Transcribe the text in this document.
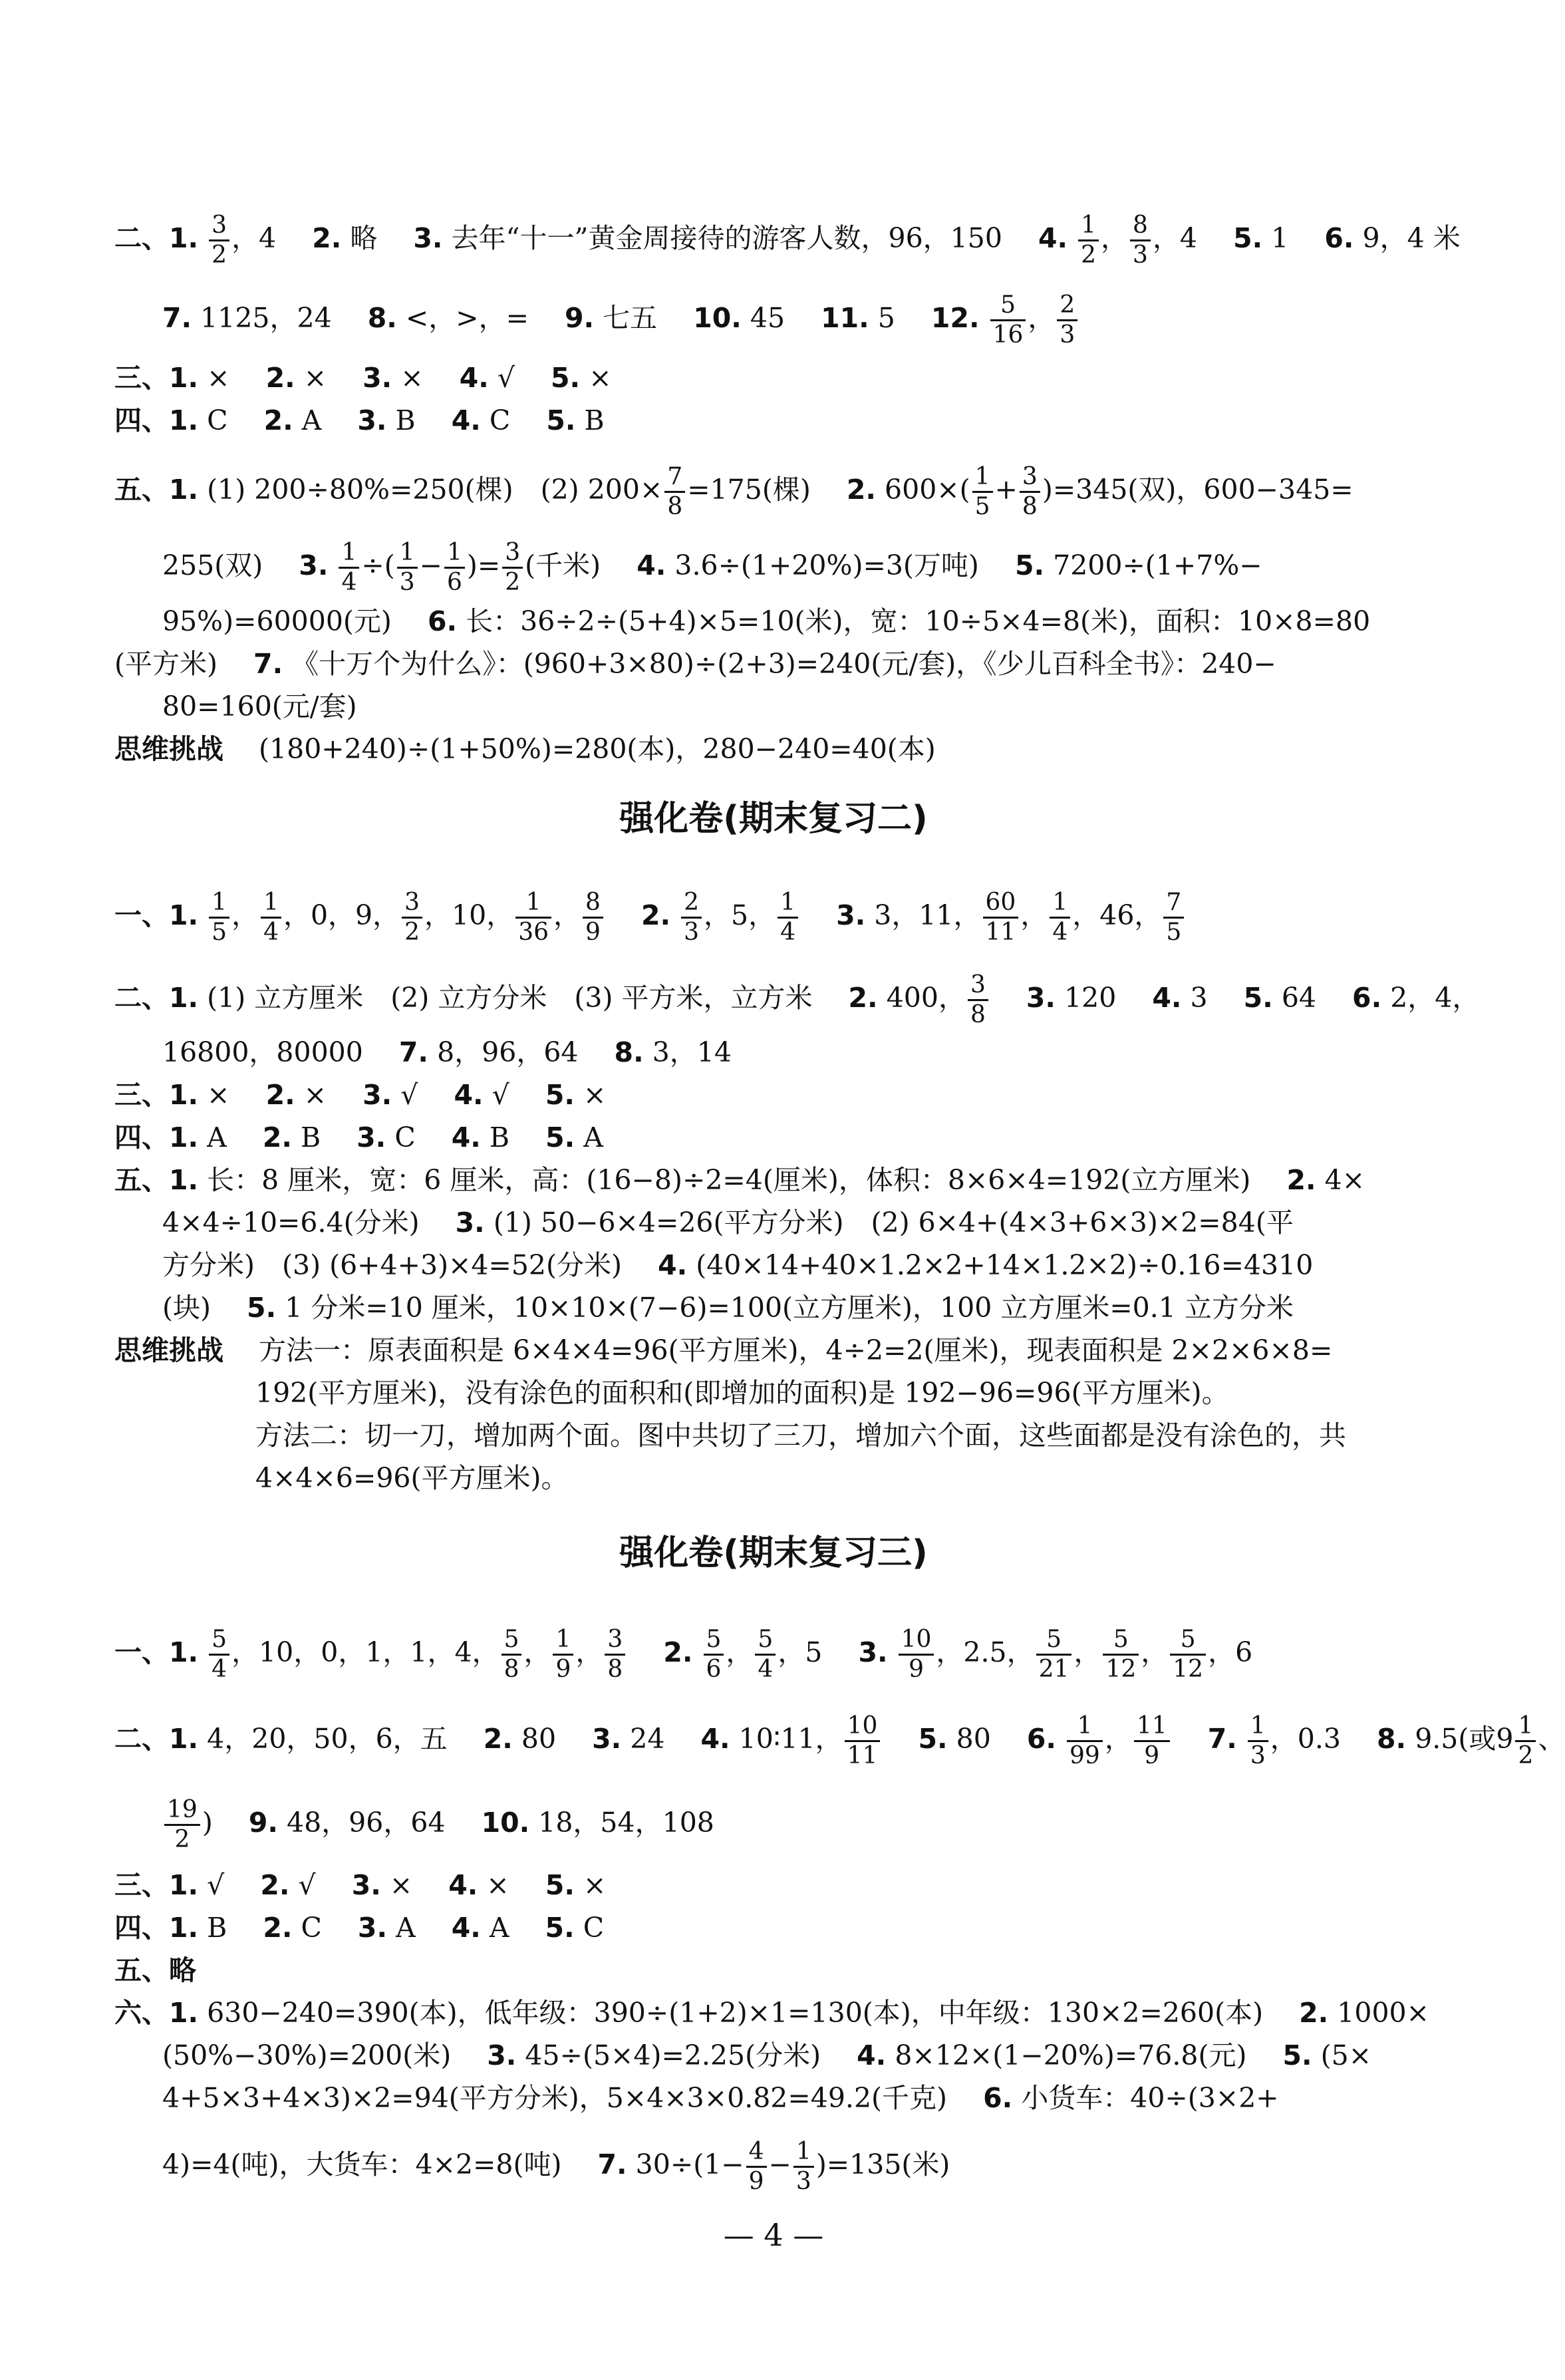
二、1. $\frac{3}{2}$ ，4　 2. 略　 3. 去年“十一”黄金周接待的游客人数，96，150　 4. $\frac{1}{2}$ ， $\frac{8}{3}$ ，4　 5. 1　 6. 9，4 米
7. 1125，24　 8. <，>，=　 9. 七五　 10. 45　 11. 5　 12. $\frac{5}{16}$ ， $\frac{2}{3}$
三、1. ×　 2. ×　 3. ×　 4. √　 5. ×
四、1. C　 2. A　 3. B　 4. C　 5. B
五、1. (1) 200÷80%=250(棵)　(2) $200\times \frac{7}{8} =175$(棵)　 2. $600\times( \frac{1}{5} + \frac{3}{8} )=345$(双)，600−345=
255(双)　 3. $\frac{1}{4}$ ÷( $\frac{1}{3} - \frac{1}{6}$ )= $\frac{3}{2}$ (千米)　 4. 3.6÷(1+20%)=3(万吨)　 5. 7200÷(1+7%−
95%)=60000(元)　 6. 长：36÷2÷(5+4)×5=10(米)，宽：10÷5×4=8(米)，面积：10×8=80
(平方米)　 7. 《十万个为什么》：(960+3×80)÷(2+3)=240(元/套)，《少儿百科全书》：240−
80=160(元/套)
思维挑战 (180+240)÷(1+50%)=280(本)，280−240=40(本)
强化卷(期末复习二)
一、1. $\frac{1}{5}$ ， $\frac{1}{4}$ ，0，9， $\frac{3}{2}$ ，10， $\frac{1}{36}$ ， $\frac{8}{9}$
　 2. $\frac{2}{3}$ ，5， $\frac{1}{4}$
　 3. 3，11， $\frac{60}{11}$ ， $\frac{1}{4}$ ，46， $\frac{7}{5}$
二、1. (1) 立方厘米　(2) 立方分米　(3) 平方米，立方米　 2. 400， $\frac{3}{8}$
　 3. 120　 4. 3　 5. 64　 6. 2，4，
16800，80000　 7. 8，96，64　 8. 3，14
三、1. ×　 2. ×　 3. √　 4. √　 5. ×
四、1. A　 2. B　 3. C　 4. B　 5. A
五、1. 长：8 厘米，宽：6 厘米，高：(16−8)÷2=4(厘米)，体积：8×6×4=192(立方厘米)　 2. 4×
4×4÷10=6.4(分米)　 3. (1) 50−6×4=26(平方分米)　(2) 6×4+(4×3+6×3)×2=84(平
方分米)　(3) (6+4+3)×4=52(分米)　 4. (40×14+40×1.2×2+14×1.2×2)÷0.16=4310
(块)　 5. 1 分米=10 厘米，10×10×(7−6)=100(立方厘米)，100 立方厘米=0.1 立方分米
思维挑战 方法一：原表面积是 6×4×4=96(平方厘米)，4÷2=2(厘米)，现表面积是 2×2×6×8=
192(平方厘米)，没有涂色的面积和(即增加的面积)是 192−96=96(平方厘米)。
方法二：切一刀，增加两个面。图中共切了三刀，增加六个面，这些面都是没有涂色的，共
4×4×6=96(平方厘米)。
强化卷(期末复习三)
一、1. $\frac{5}{4}$ ，10，0，1，1，4， $\frac{5}{8}$ ， $\frac{1}{9}$ ， $\frac{3}{8}$
　 2. $\frac{5}{6}$ ， $\frac{5}{4}$ ，5　 3. $\frac{10}{9}$ ，2.5， $\frac{5}{21}$ ， $\frac{5}{12}$ ， $\frac{5}{12}$ ，6
二、1. 4，20，50，6，五　 2. 80　 3. 24　 4. 10∶11， $\frac{10}{11}$
　 5. 80　 6. $\frac{1}{99}$ ， $\frac{11}{9}$
　 7. $\frac{1}{3}$ ，0.3　 8. 9.5(或$9 \frac{1}{2}$ 、
$\frac{19}{2}$ )　 9. 48，96，64　 10. 18，54，108
三、1. √　 2. √　 3. ×　 4. ×　 5. ×
四、1. B　 2. C　 3. A　 4. A　 5. C
五、略
六、1. 630−240=390(本)，低年级：390÷(1+2)×1=130(本)，中年级：130×2=260(本)　 2. 1000×
(50%−30%)=200(米)　 3. 45÷(5×4)=2.25(分米)　 4. 8×12×(1−20%)=76.8(元)　 5. (5×
4+5×3+4×3)×2=94(平方分米)，5×4×3×0.82=49.2(千克)　 6. 小货车：40÷(3×2+
4)=4(吨)，大货车：4×2=8(吨)　 7. $30\div(1- \frac{4}{9} - \frac{1}{3} )=135$(米)
— 4 —
